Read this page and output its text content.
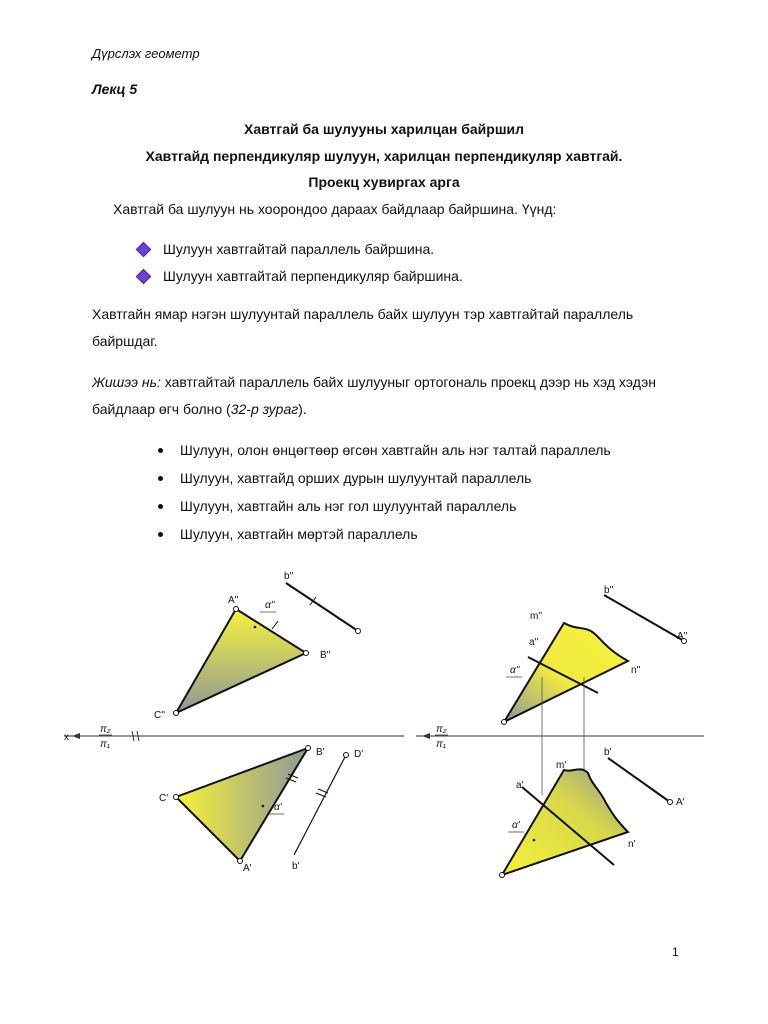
Дүрслэх геометр
Лекц 5
Хавтгай ба шулууны харилцан байршил
Хавтгайд перпендикуляр шулуун, харилцан перпендикуляр хавтгай.
Проекц хувиргах арга
Хавтгай ба шулуун нь хоорондоо дараах байдлаар байршина. Үүнд:
Шулуун хавтгайтай параллель байршина.
Шулуун хавтгайтай перпендикуляр байршина.
Хавтгайн ямар нэгэн шулуунтай параллель байх шулуун тэр хавтгайтай параллель байршдаг.
Жишээ нь: хавтгайтай параллель байх шулууныг ортогональ проекц дээр нь хэд хэдэн байдлаар өгч болно (32-р зураг).
Шулуун, олон өнцөгтөөр өгсөн хавтгайн аль нэг талтай параллель
Шулуун, хавтгайд орших дурын шулуунтай параллель
Шулуун, хавтгайн аль нэг гол шулуунтай параллель
Шулуун, хавтгайн мөртэй параллель
x
π₂
π₁
A''
B''
C''
α''
b''
B'
C'
A'
α'
D'
b'
π₂
π₁
m''
a''
n''
α''
b''
A''
m'
a'
n'
α'
b'
A'
1
